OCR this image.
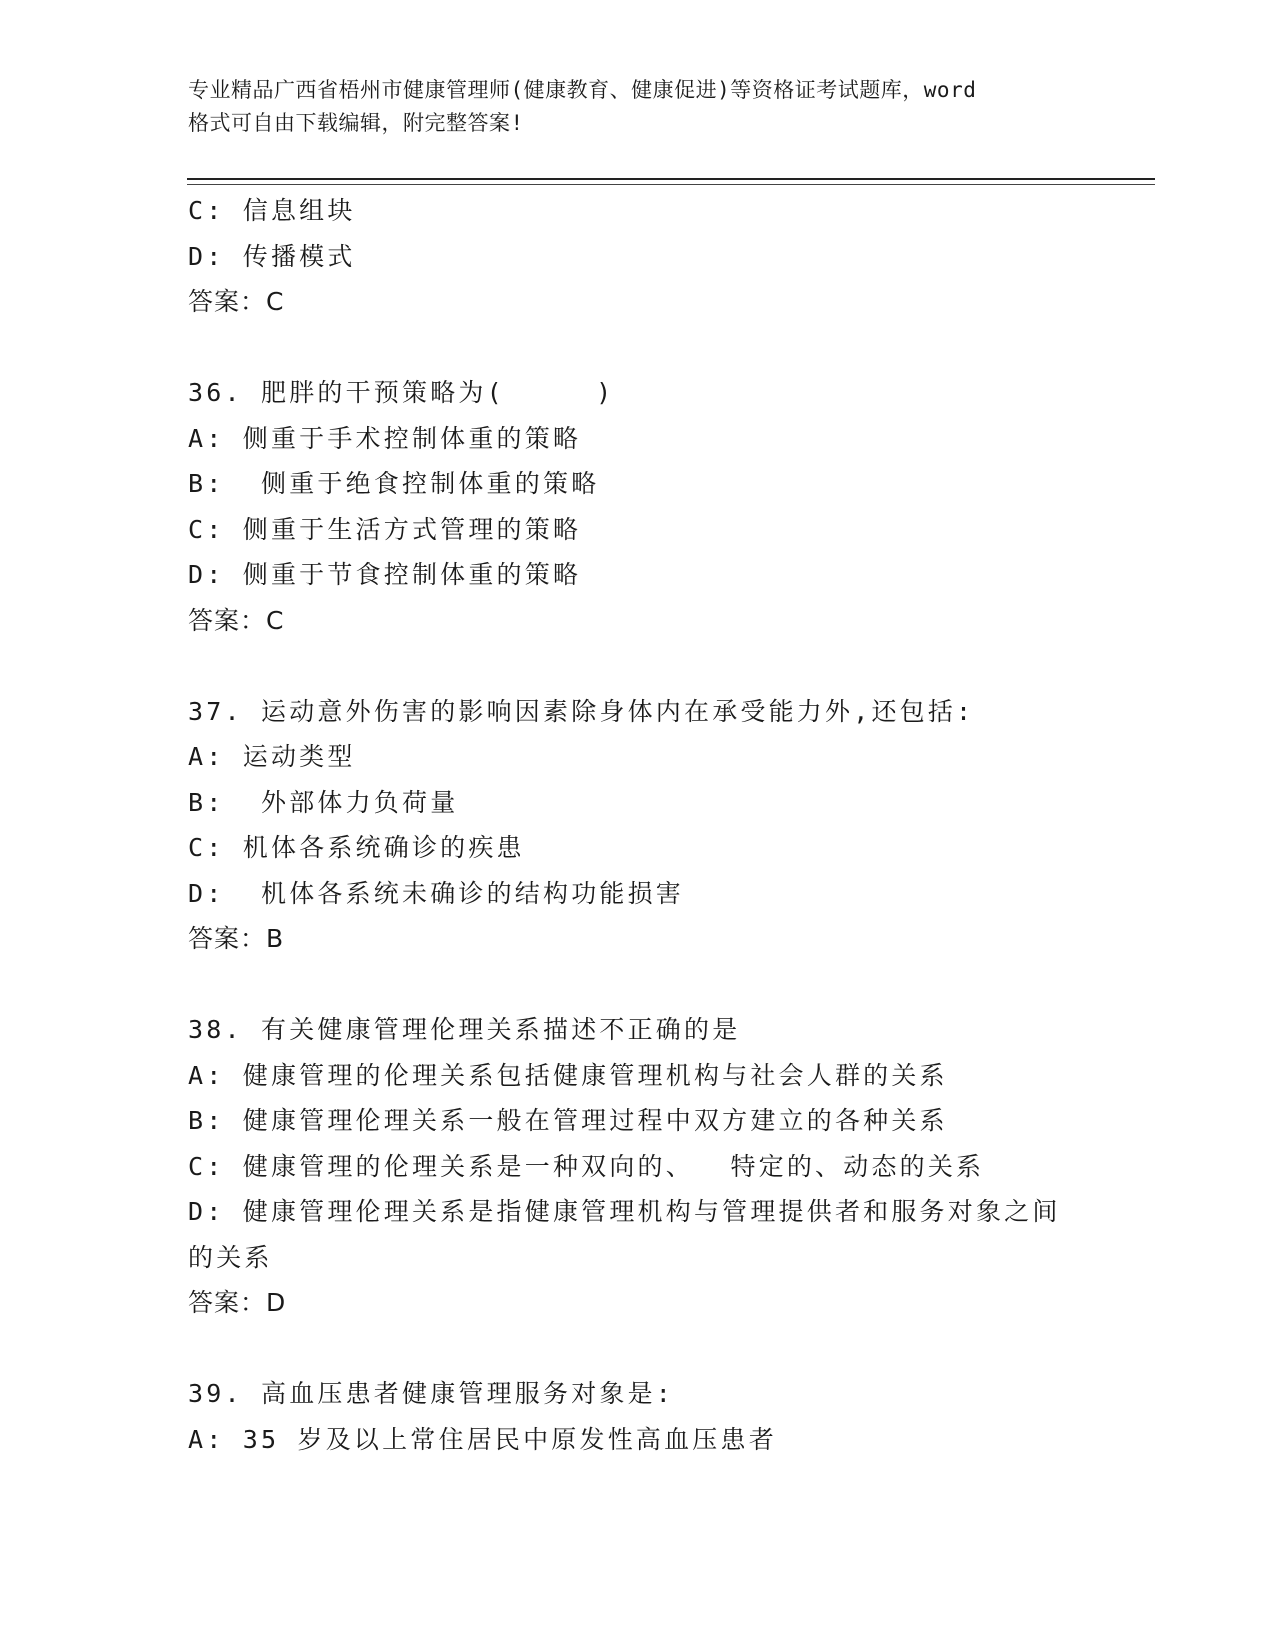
专业精品广西省梧州市健康管理师(健康教育、健康促进)等资格证考试题库，word
格式可自由下载编辑，附完整答案!
C: 信息组块
D: 传播模式
答案：C
36. 肥胖的干预策略为(     )
A: 侧重于手术控制体重的策略
B:  侧重于绝食控制体重的策略
C: 侧重于生活方式管理的策略
D: 侧重于节食控制体重的策略
答案：C
37. 运动意外伤害的影响因素除身体内在承受能力外,还包括:
A: 运动类型
B:  外部体力负荷量
C: 机体各系统确诊的疾患
D:  机体各系统未确诊的结构功能损害
答案：B
38. 有关健康管理伦理关系描述不正确的是
A: 健康管理的伦理关系包括健康管理机构与社会人群的关系
B: 健康管理伦理关系一般在管理过程中双方建立的各种关系
C: 健康管理的伦理关系是一种双向的、  特定的、动态的关系
D: 健康管理伦理关系是指健康管理机构与管理提供者和服务对象之间
的关系
答案：D
39. 高血压患者健康管理服务对象是:
A: 35 岁及以上常住居民中原发性高血压患者
